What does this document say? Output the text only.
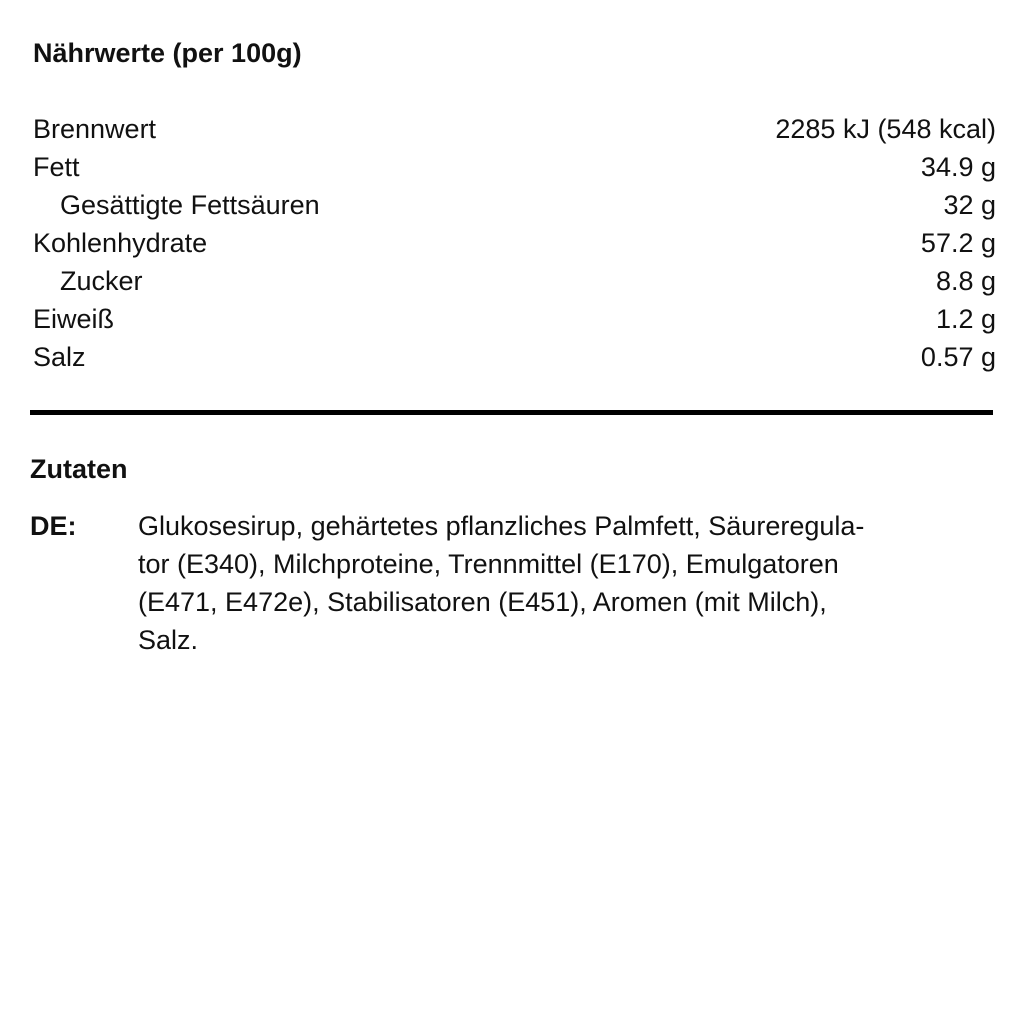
Nährwerte (per 100g)
Brennwert	2285 kJ (548 kcal)
Fett	34.9 g
Gesättigte Fettsäuren	32 g
Kohlenhydrate	57.2 g
Zucker	8.8 g
Eiweiß	1.2 g
Salz	0.57 g
Zutaten
DE:	Glukosesirup, gehärtetes pflanzliches Palmfett, Säureregula-
tor (E340), Milchproteine, Trennmittel (E170), Emulgatoren
(E471, E472e), Stabilisatoren (E451), Aromen (mit Milch),
Salz.
